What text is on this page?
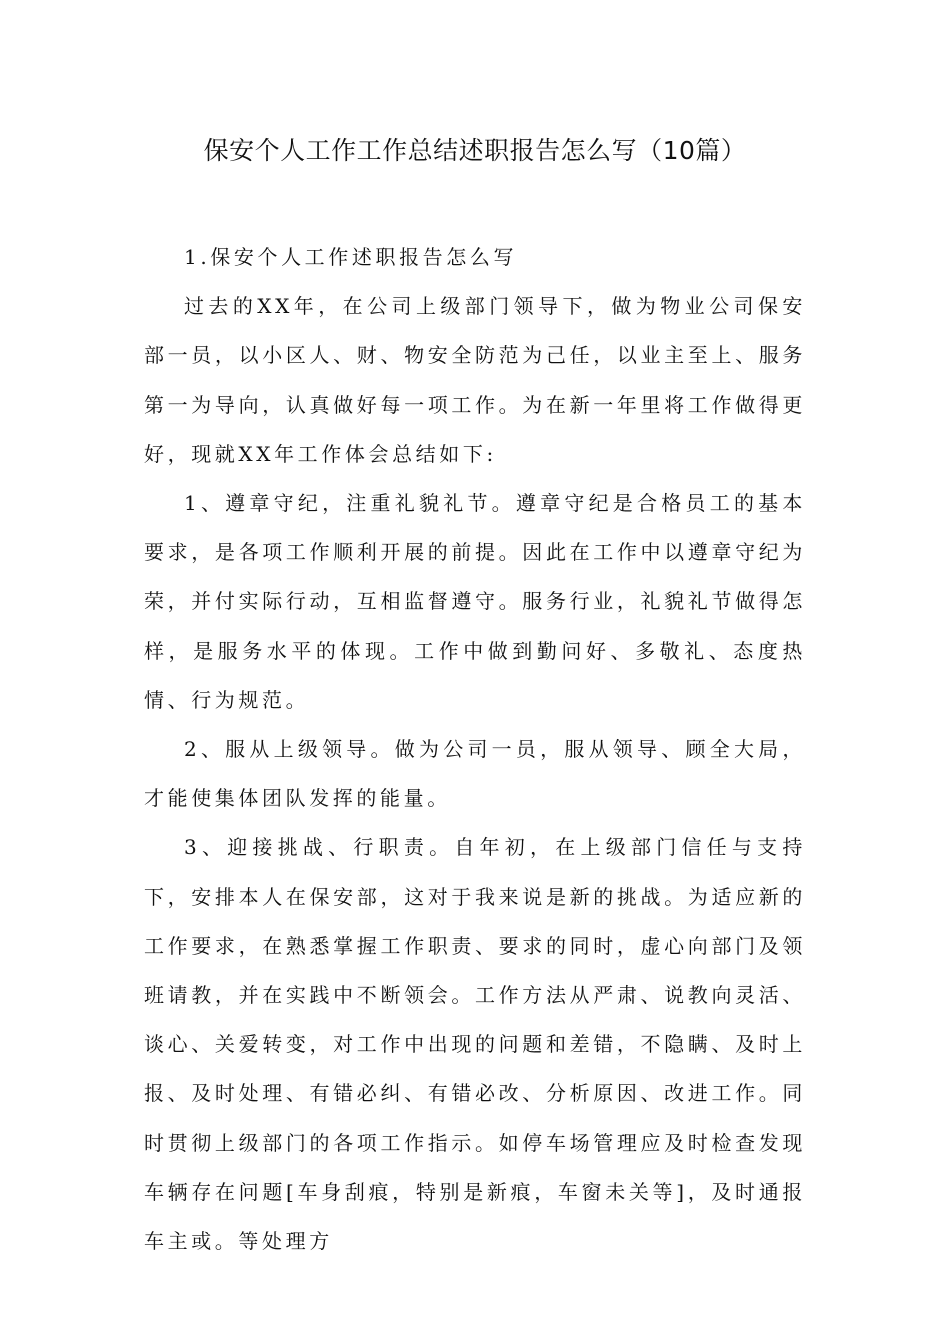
保安个人工作工作总结述职报告怎么写（10篇）

1.保安个人工作述职报告怎么写

过去的XX年，在公司上级部门领导下，做为物业公司保安部一员，以小区人、财、物安全防范为己任，以业主至上、服务第一为导向，认真做好每一项工作。为在新一年里将工作做得更好，现就XX年工作体会总结如下:

1、遵章守纪，注重礼貌礼节。遵章守纪是合格员工的基本要求，是各项工作顺利开展的前提。因此在工作中以遵章守纪为荣，并付实际行动，互相监督遵守。服务行业，礼貌礼节做得怎样，是服务水平的体现。工作中做到勤问好、多敬礼、态度热情、行为规范。

2、服从上级领导。做为公司一员，服从领导、顾全大局，才能使集体团队发挥的能量。

3、迎接挑战、行职责。自年初，在上级部门信任与支持下，安排本人在保安部，这对于我来说是新的挑战。为适应新的工作要求，在熟悉掌握工作职责、要求的同时，虚心向部门及领班请教，并在实践中不断领会。工作方法从严肃、说教向灵活、谈心、关爱转变，对工作中出现的问题和差错，不隐瞒、及时上报、及时处理、有错必纠、有错必改、分析原因、改进工作。同时贯彻上级部门的各项工作指示。如停车场管理应及时检查发现车辆存在问题[车身刮痕，特别是新痕，车窗未关等]，及时通报车主或。等处理方
